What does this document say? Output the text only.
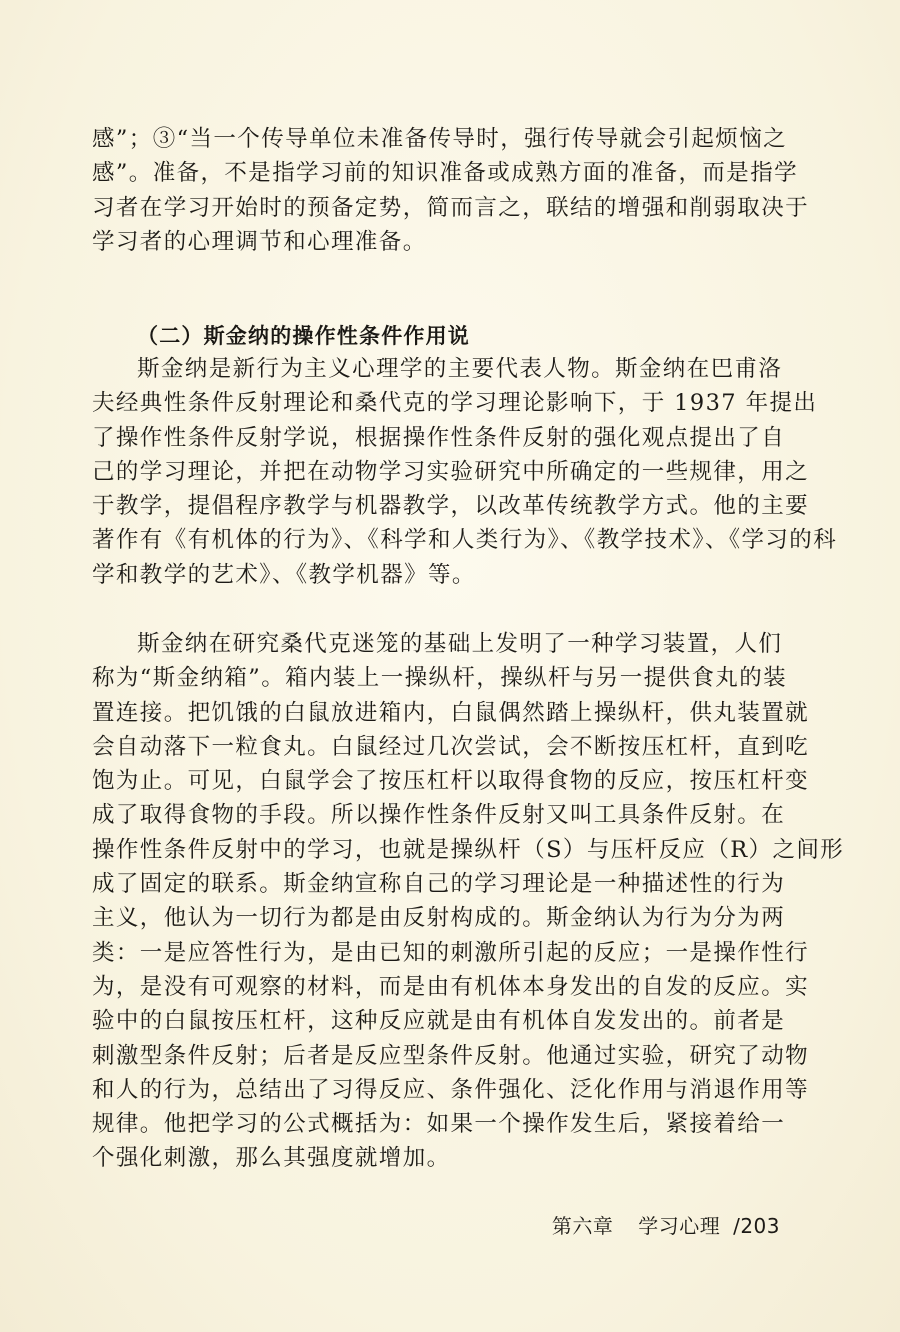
感”；③“当一个传导单位未准备传导时，强行传导就会引起烦恼之
感”。准备，不是指学习前的知识准备或成熟方面的准备，而是指学
习者在学习开始时的预备定势，简而言之，联结的增强和削弱取决于
学习者的心理调节和心理准备。
（二）斯金纳的操作性条件作用说
斯金纳是新行为主义心理学的主要代表人物。斯金纳在巴甫洛
夫经典性条件反射理论和桑代克的学习理论影响下，于 1937 年提出
了操作性条件反射学说，根据操作性条件反射的强化观点提出了自
己的学习理论，并把在动物学习实验研究中所确定的一些规律，用之
于教学，提倡程序教学与机器教学，以改革传统教学方式。他的主要
著作有《有机体的行为》、《科学和人类行为》、《教学技术》、《学习的科
学和教学的艺术》、《教学机器》等。
斯金纳在研究桑代克迷笼的基础上发明了一种学习装置，人们
称为“斯金纳箱”。箱内装上一操纵杆，操纵杆与另一提供食丸的装
置连接。把饥饿的白鼠放进箱内，白鼠偶然踏上操纵杆，供丸装置就
会自动落下一粒食丸。白鼠经过几次尝试，会不断按压杠杆，直到吃
饱为止。可见，白鼠学会了按压杠杆以取得食物的反应，按压杠杆变
成了取得食物的手段。所以操作性条件反射又叫工具条件反射。在
操作性条件反射中的学习，也就是操纵杆（S）与压杆反应（R）之间形
成了固定的联系。斯金纳宣称自己的学习理论是一种描述性的行为
主义，他认为一切行为都是由反射构成的。斯金纳认为行为分为两
类：一是应答性行为，是由已知的刺激所引起的反应；一是操作性行
为，是没有可观察的材料，而是由有机体本身发出的自发的反应。实
验中的白鼠按压杠杆，这种反应就是由有机体自发发出的。前者是
刺激型条件反射；后者是反应型条件反射。他通过实验，研究了动物
和人的行为，总结出了习得反应、条件强化、泛化作用与消退作用等
规律。他把学习的公式概括为：如果一个操作发生后，紧接着给一
个强化刺激，那么其强度就增加。
第六章 学习心理 /203
